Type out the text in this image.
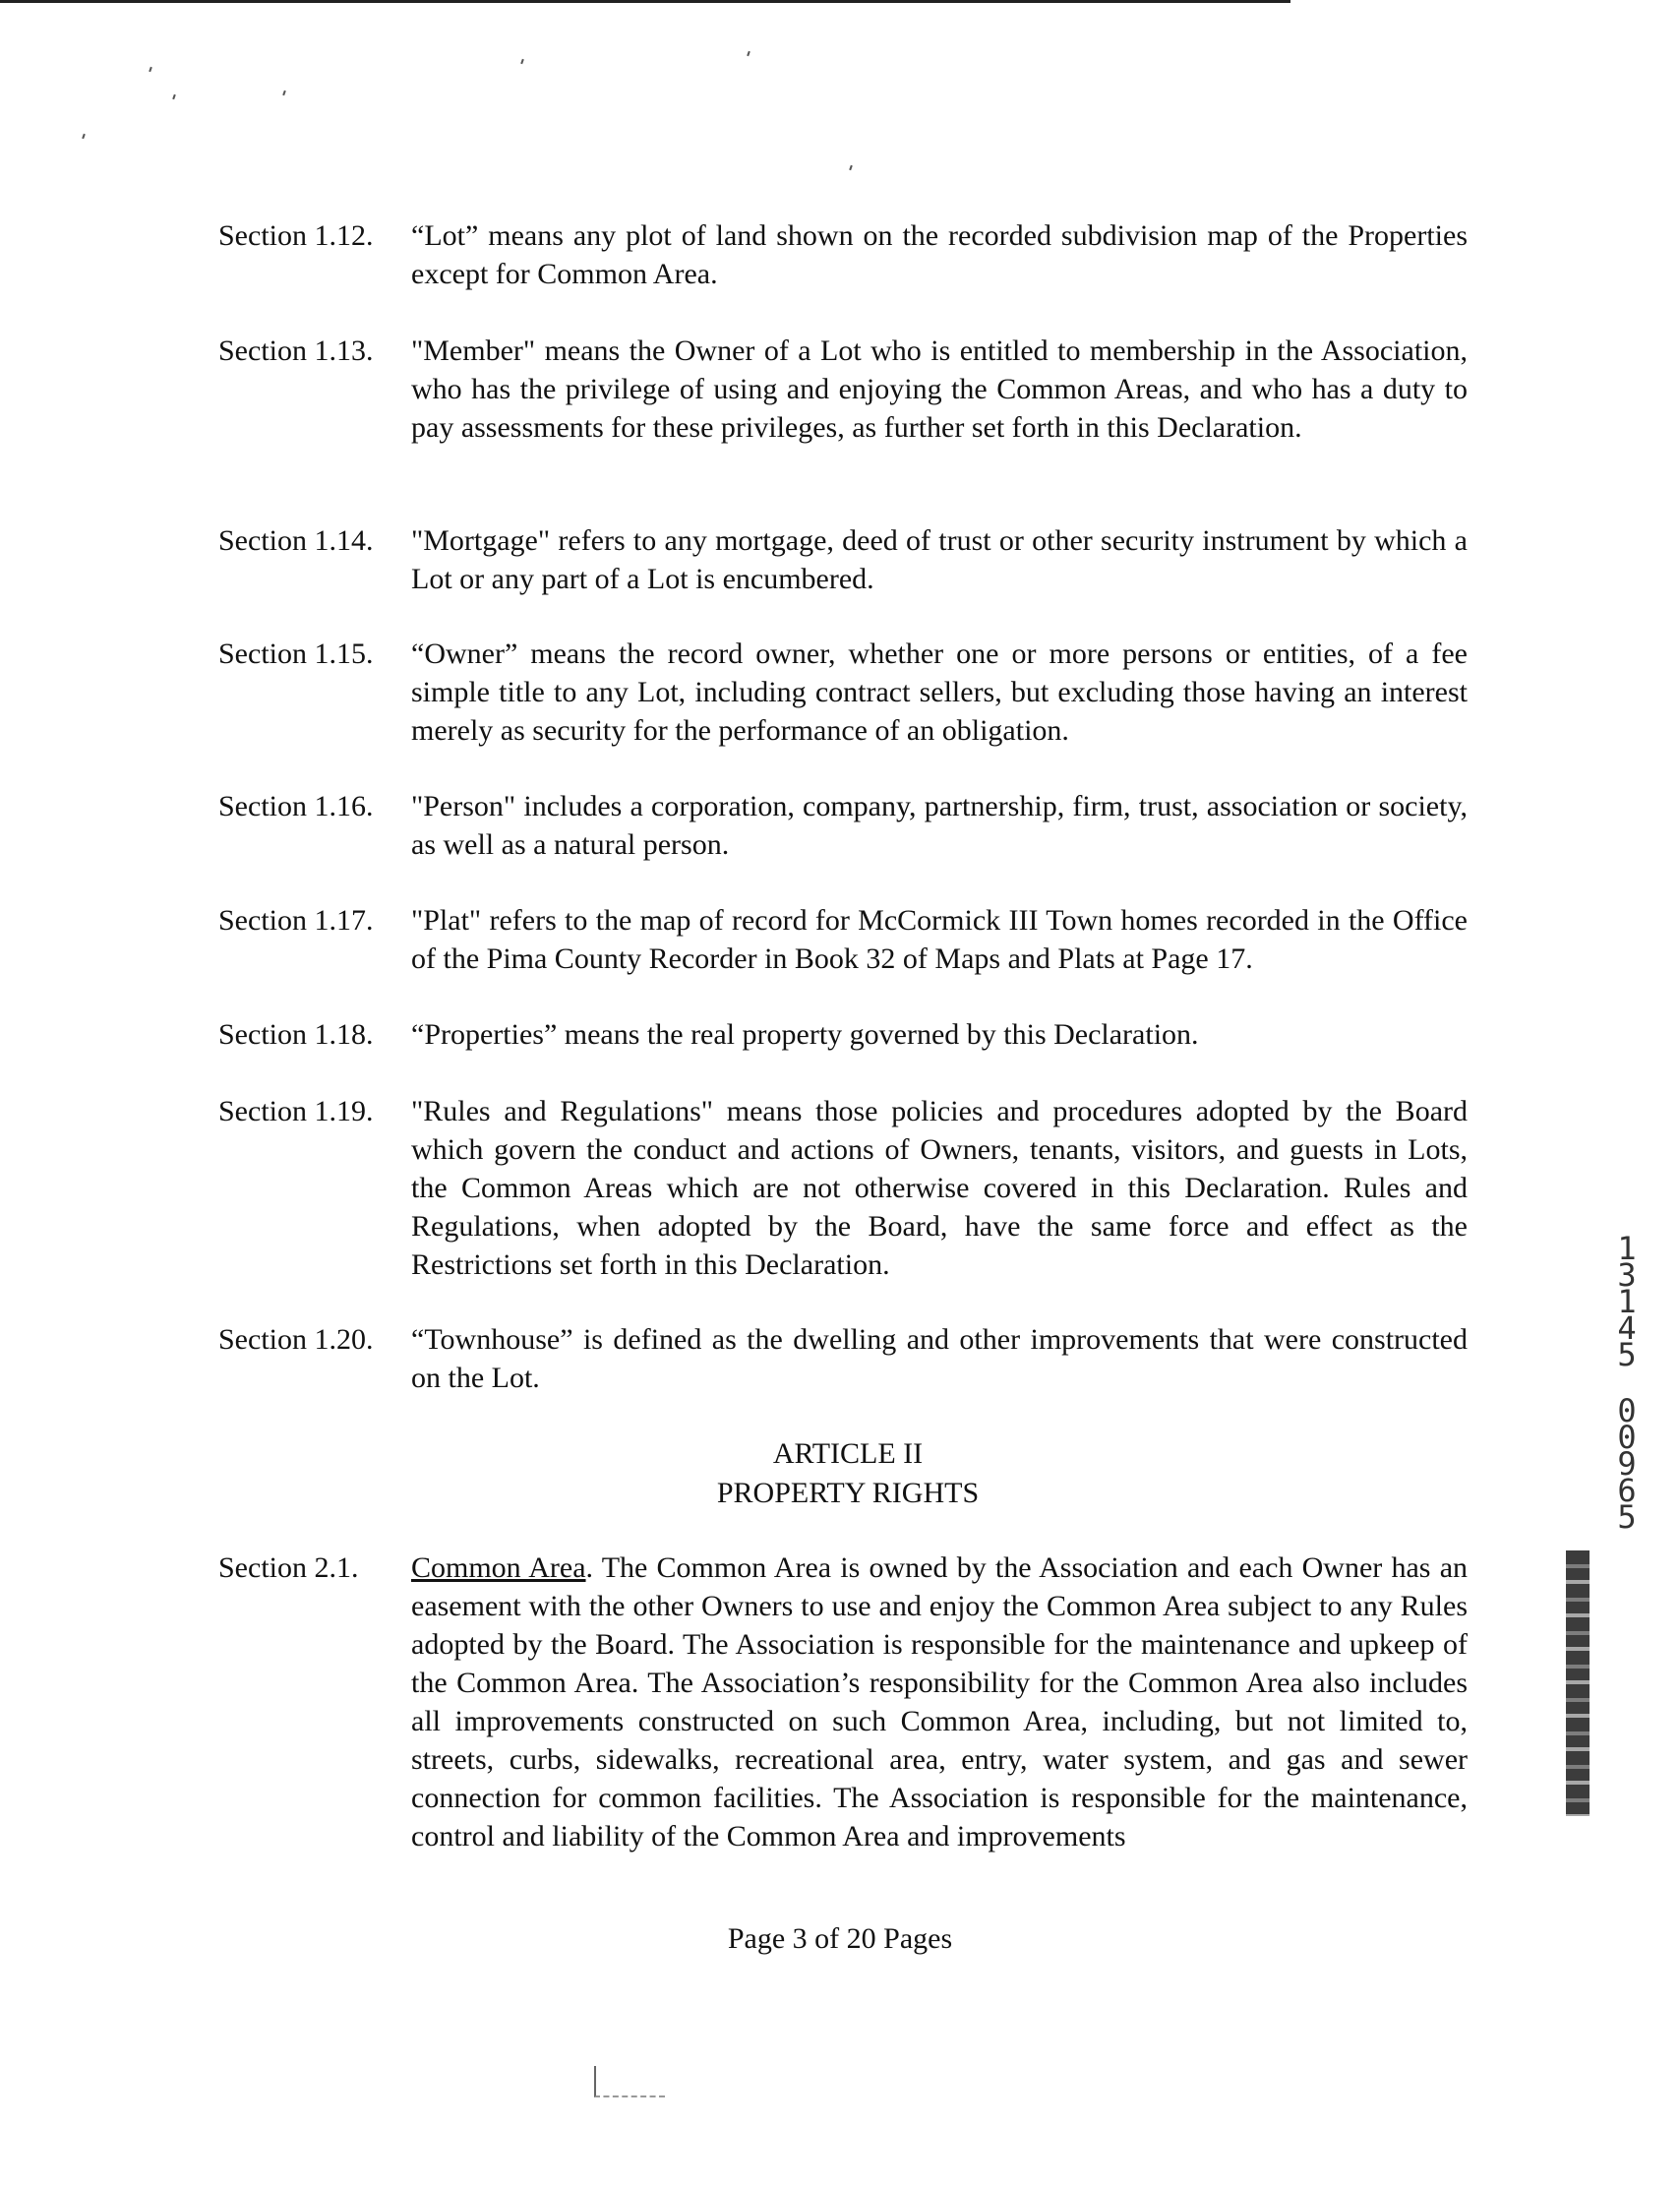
Section 1.12.	“Lot” means any plot of land shown on the recorded subdivision map of the Properties except for Common Area.
Section 1.13.	"Member" means the Owner of a Lot who is entitled to membership in the Association, who has the privilege of using and enjoying the Common Areas, and who has a duty to pay assessments for these privileges, as further set forth in this Declaration.
Section 1.14.	"Mortgage" refers to any mortgage, deed of trust or other security instrument by which a Lot or any part of a Lot is encumbered.
Section 1.15.	“Owner” means the record owner, whether one or more persons or entities, of a fee simple title to any Lot, including contract sellers, but excluding those having an interest merely as security for the performance of an obligation.
Section 1.16.	"Person" includes a corporation, company, partnership, firm, trust, association or society, as well as a natural person.
Section 1.17.	"Plat" refers to the map of record for McCormick III Town homes recorded in the Office of the Pima County Recorder in Book 32 of Maps and Plats at Page 17.
Section 1.18.	“Properties” means the real property governed by this Declaration.
Section 1.19.	"Rules and Regulations" means those policies and procedures adopted by the Board which govern the conduct and actions of Owners, tenants, visitors, and guests in Lots, the Common Areas which are not otherwise covered in this Declaration. Rules and Regulations, when adopted by the Board, have the same force and effect as the Restrictions set forth in this Declaration.
Section 1.20.	“Townhouse” is defined as the dwelling and other improvements that were constructed on the Lot.
ARTICLE II
PROPERTY RIGHTS
Section 2.1.	Common Area. The Common Area is owned by the Association and each Owner has an easement with the other Owners to use and enjoy the Common Area subject to any Rules adopted by the Board. The Association is responsible for the maintenance and upkeep of the Common Area. The Association’s responsibility for the Common Area also includes all improvements constructed on such Common Area, including, but not limited to, streets, curbs, sidewalks, recreational area, entry, water system, and gas and sewer connection for common facilities. The Association is responsible for the maintenance, control and liability of the Common Area and improvements
Page 3 of 20 Pages
1
3
1
4
5
0
0
9
6
5
